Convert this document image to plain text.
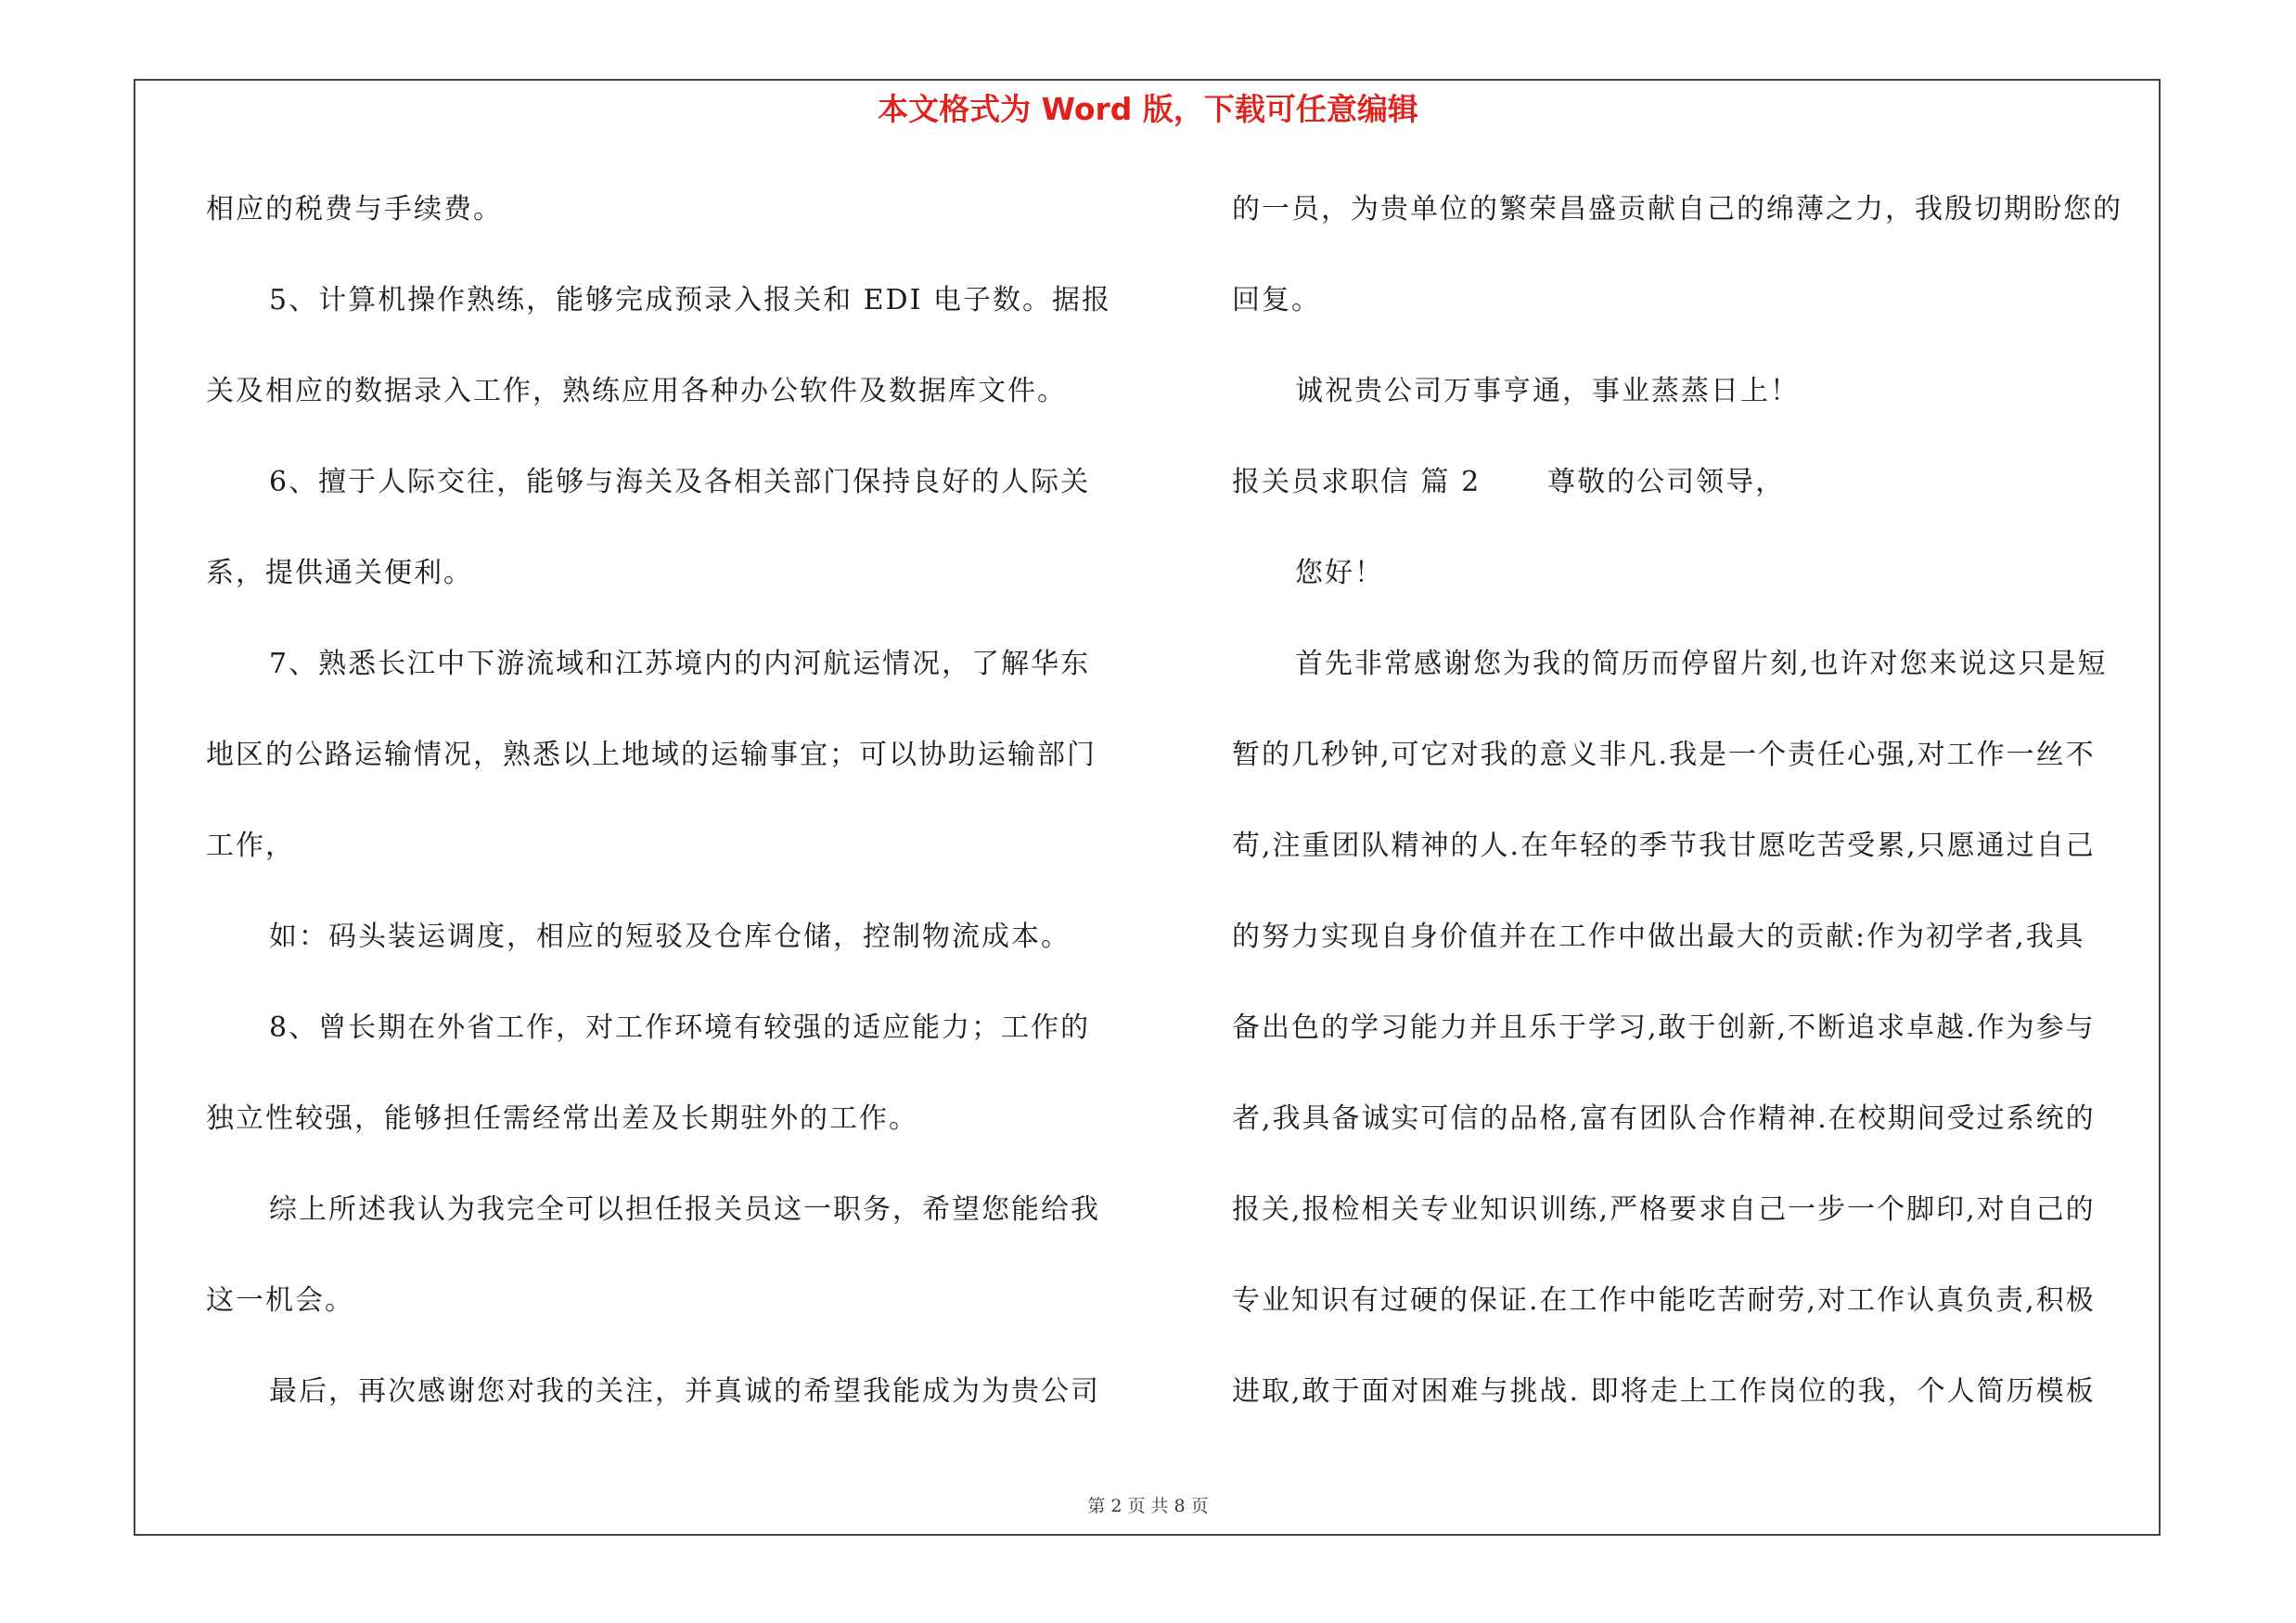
本文格式为 Word 版，下载可任意编辑
相应的税费与手续费。
5、计算机操作熟练，能够完成预录入报关和 EDI 电子数。据报
关及相应的数据录入工作，熟练应用各种办公软件及数据库文件。
6、擅于人际交往，能够与海关及各相关部门保持良好的人际关
系，提供通关便利。
7、熟悉长江中下游流域和江苏境内的内河航运情况，了解华东
地区的公路运输情况，熟悉以上地域的运输事宜；可以协助运输部门
工作，
如：码头装运调度，相应的短驳及仓库仓储，控制物流成本。
8、曾长期在外省工作，对工作环境有较强的适应能力；工作的
独立性较强，能够担任需经常出差及长期驻外的工作。
综上所述我认为我完全可以担任报关员这一职务，希望您能给我
这一机会。
最后，再次感谢您对我的关注，并真诚的希望我能成为为贵公司
的一员，为贵单位的繁荣昌盛贡献自己的绵薄之力，我殷切期盼您的
回复。
诚祝贵公司万事亨通，事业蒸蒸日上！
报关员求职信 篇 2 尊敬的公司领导，
您好！
首先非常感谢您为我的简历而停留片刻,也许对您来说这只是短
暂的几秒钟,可它对我的意义非凡.我是一个责任心强,对工作一丝不
苟,注重团队精神的人.在年轻的季节我甘愿吃苦受累,只愿通过自己
的努力实现自身价值并在工作中做出最大的贡献:作为初学者,我具
备出色的学习能力并且乐于学习,敢于创新,不断追求卓越.作为参与
者,我具备诚实可信的品格,富有团队合作精神.在校期间受过系统的
报关,报检相关专业知识训练,严格要求自己一步一个脚印,对自己的
专业知识有过硬的保证.在工作中能吃苦耐劳,对工作认真负责,积极
进取,敢于面对困难与挑战. 即将走上工作岗位的我，个人简历模板
第 2 页 共 8 页
